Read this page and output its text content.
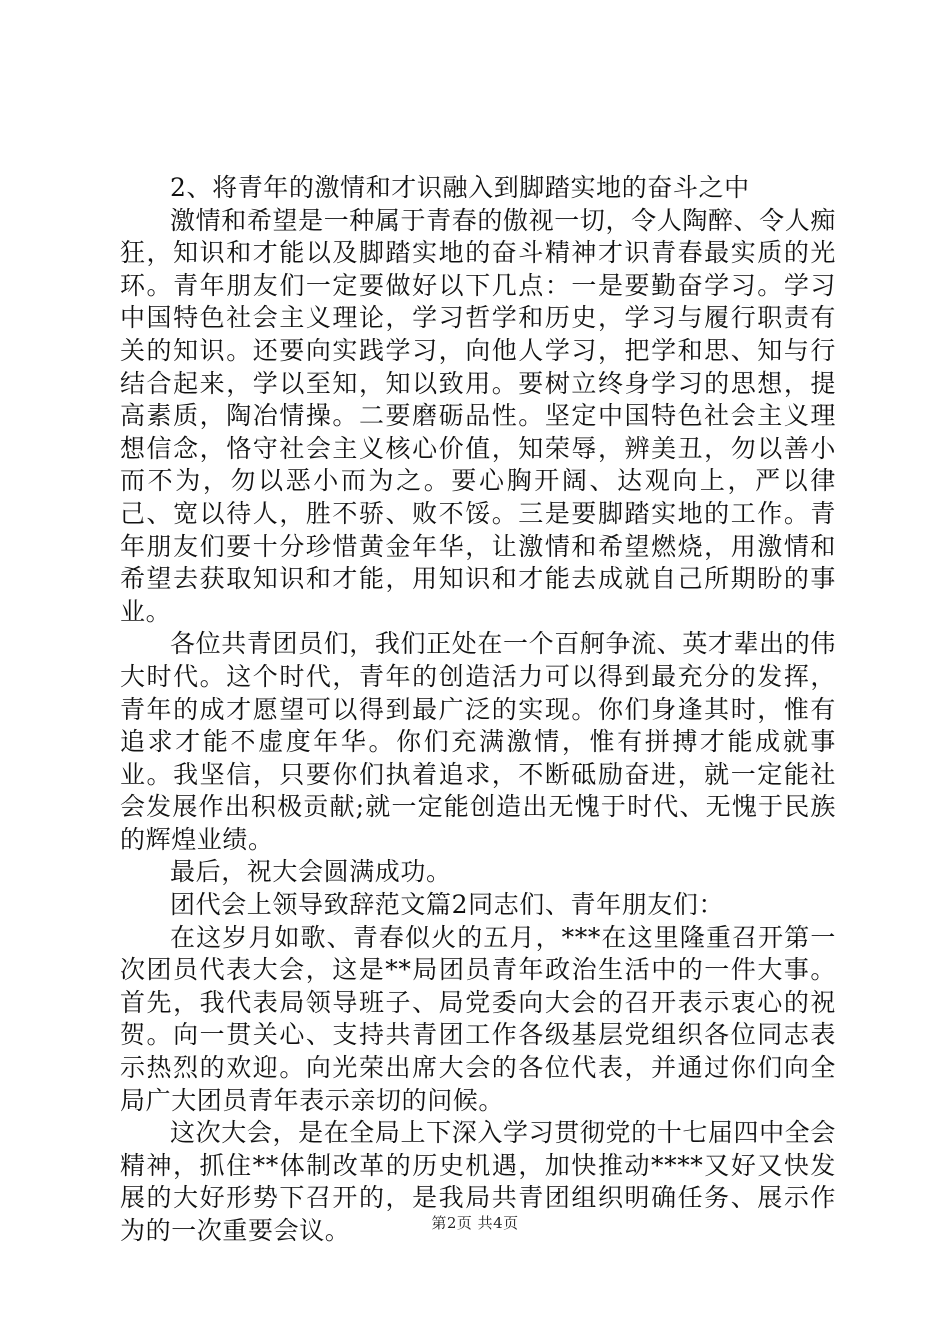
2、将青年的激情和才识融入到脚踏实地的奋斗之中

激情和希望是一种属于青春的傲视一切，令人陶醉、令人痴狂，知识和才能以及脚踏实地的奋斗精神才识青春最实质的光环。青年朋友们一定要做好以下几点：一是要勤奋学习。学习中国特色社会主义理论，学习哲学和历史，学习与履行职责有关的知识。还要向实践学习，向他人学习，把学和思、知与行结合起来，学以至知，知以致用。要树立终身学习的思想，提高素质，陶冶情操。二要磨砺品性。坚定中国特色社会主义理想信念，恪守社会主义核心价值，知荣辱，辨美丑，勿以善小而不为，勿以恶小而为之。要心胸开阔、达观向上，严以律己、宽以待人，胜不骄、败不馁。三是要脚踏实地的工作。青年朋友们要十分珍惜黄金年华，让激情和希望燃烧，用激情和希望去获取知识和才能，用知识和才能去成就自己所期盼的事业。

各位共青团员们，我们正处在一个百舸争流、英才辈出的伟大时代。这个时代，青年的创造活力可以得到最充分的发挥，青年的成才愿望可以得到最广泛的实现。你们身逢其时，惟有追求才能不虚度年华。你们充满激情，惟有拼搏才能成就事业。我坚信，只要你们执着追求，不断砥励奋进，就一定能社会发展作出积极贡献;就一定能创造出无愧于时代、无愧于民族的辉煌业绩。

最后，祝大会圆满成功。

团代会上领导致辞范文篇2同志们、青年朋友们：

在这岁月如歌、青春似火的五月，***在这里隆重召开第一次团员代表大会，这是**局团员青年政治生活中的一件大事。首先，我代表局领导班子、局党委向大会的召开表示衷心的祝贺。向一贯关心、支持共青团工作各级基层党组织各位同志表示热烈的欢迎。向光荣出席大会的各位代表，并通过你们向全局广大团员青年表示亲切的问候。

这次大会，是在全局上下深入学习贯彻党的十七届四中全会精神，抓住**体制改革的历史机遇，加快推动****又好又快发展的大好形势下召开的，是我局共青团组织明确任务、展示作为的一次重要会议。	第2页 共4页
